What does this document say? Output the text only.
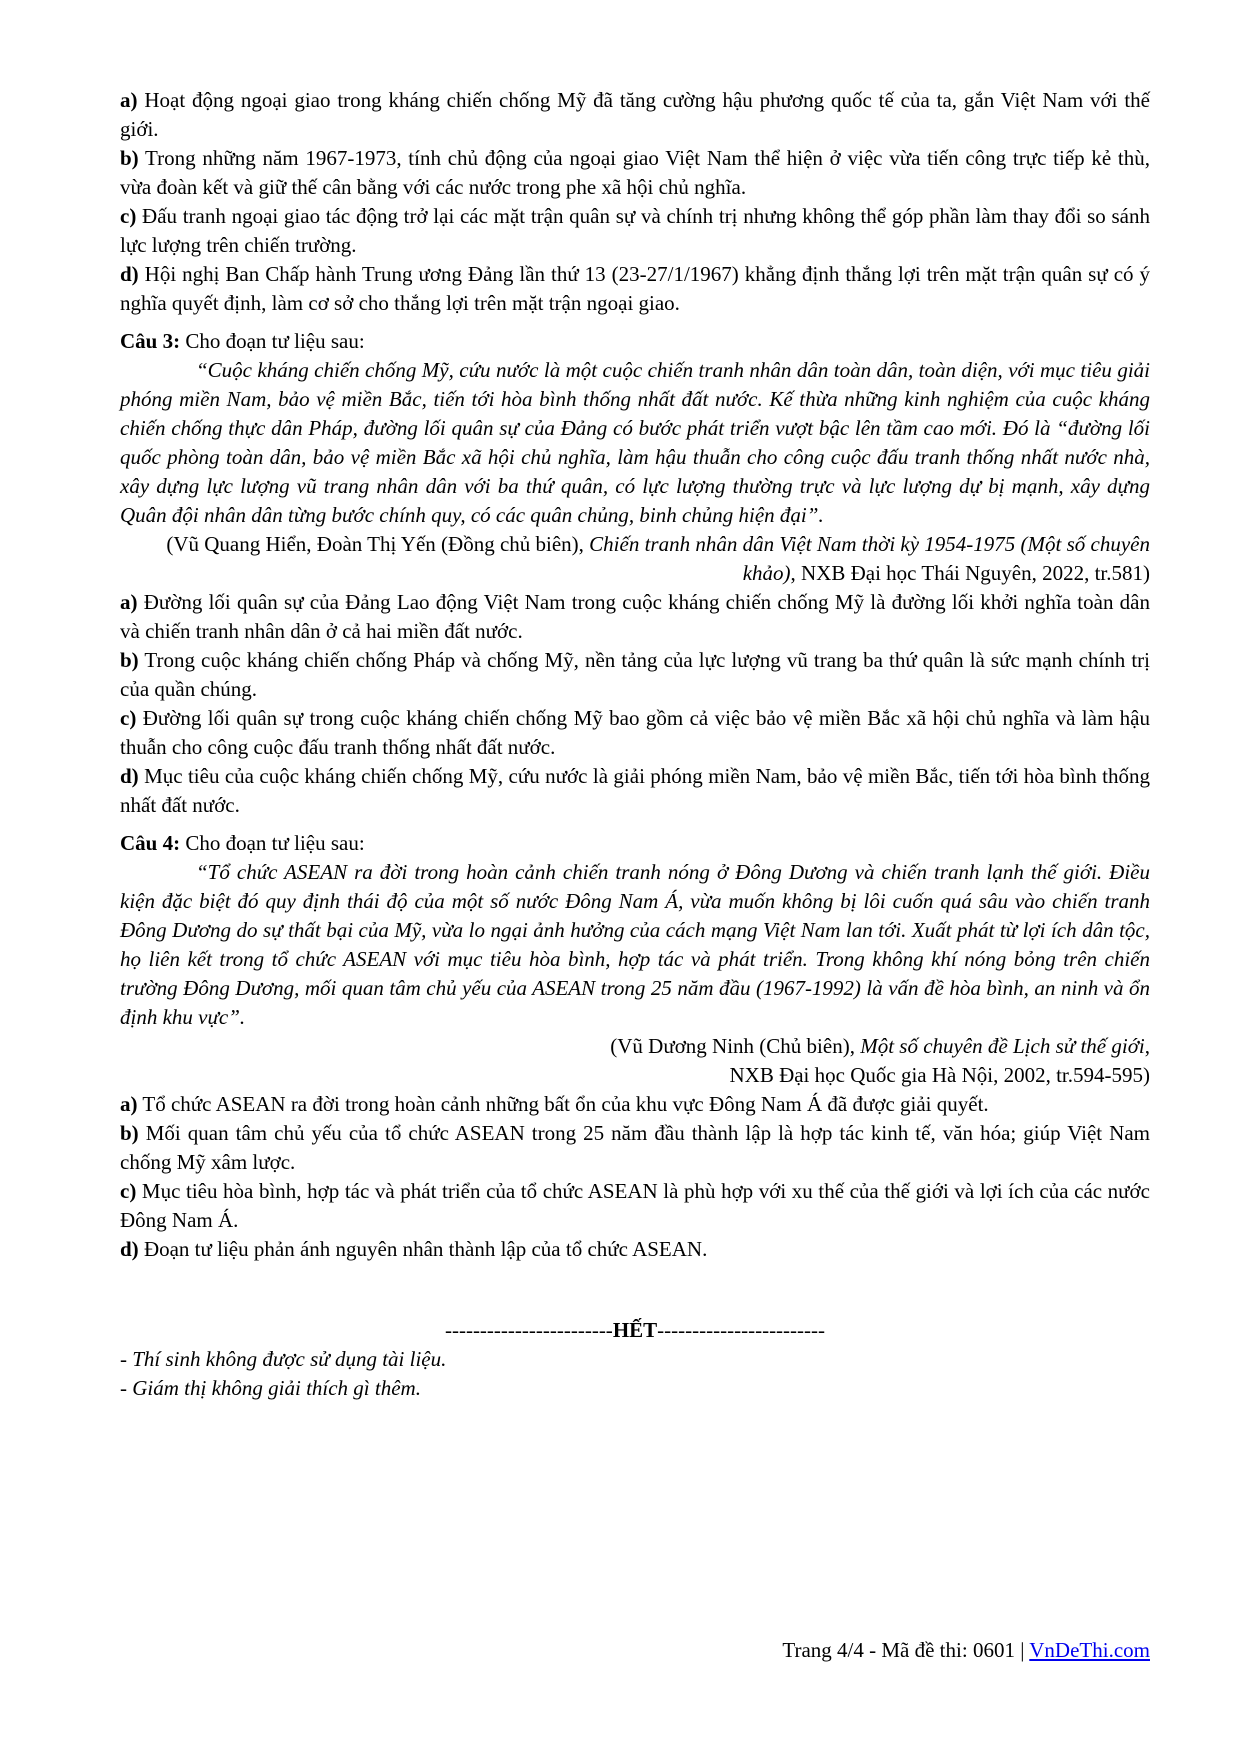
a) Hoạt động ngoại giao trong kháng chiến chống Mỹ đã tăng cường hậu phương quốc tế của ta, gắn Việt Nam với thế giới.

b) Trong những năm 1967-1973, tính chủ động của ngoại giao Việt Nam thể hiện ở việc vừa tiến công trực tiếp kẻ thù, vừa đoàn kết và giữ thế cân bằng với các nước trong phe xã hội chủ nghĩa.

c) Đấu tranh ngoại giao tác động trở lại các mặt trận quân sự và chính trị nhưng không thể góp phần làm thay đổi so sánh lực lượng trên chiến trường.

d) Hội nghị Ban Chấp hành Trung ương Đảng lần thứ 13 (23-27/1/1967) khẳng định thắng lợi trên mặt trận quân sự có ý nghĩa quyết định, làm cơ sở cho thắng lợi trên mặt trận ngoại giao.

Câu 3: Cho đoạn tư liệu sau:

“Cuộc kháng chiến chống Mỹ, cứu nước là một cuộc chiến tranh nhân dân toàn dân, toàn diện, với mục tiêu giải phóng miền Nam, bảo vệ miền Bắc, tiến tới hòa bình thống nhất đất nước. Kế thừa những kinh nghiệm của cuộc kháng chiến chống thực dân Pháp, đường lối quân sự của Đảng có bước phát triển vượt bậc lên tầm cao mới. Đó là “đường lối quốc phòng toàn dân, bảo vệ miền Bắc xã hội chủ nghĩa, làm hậu thuẫn cho công cuộc đấu tranh thống nhất nước nhà, xây dựng lực lượng vũ trang nhân dân với ba thứ quân, có lực lượng thường trực và lực lượng dự bị mạnh, xây dựng Quân đội nhân dân từng bước chính quy, có các quân chủng, binh chủng hiện đại”.

(Vũ Quang Hiển, Đoàn Thị Yến (Đồng chủ biên), Chiến tranh nhân dân Việt Nam thời kỳ 1954-1975 (Một số chuyên khảo), NXB Đại học Thái Nguyên, 2022, tr.581)

a) Đường lối quân sự của Đảng Lao động Việt Nam trong cuộc kháng chiến chống Mỹ là đường lối khởi nghĩa toàn dân và chiến tranh nhân dân ở cả hai miền đất nước.

b) Trong cuộc kháng chiến chống Pháp và chống Mỹ, nền tảng của lực lượng vũ trang ba thứ quân là sức mạnh chính trị của quần chúng.

c) Đường lối quân sự trong cuộc kháng chiến chống Mỹ bao gồm cả việc bảo vệ miền Bắc xã hội chủ nghĩa và làm hậu thuẫn cho công cuộc đấu tranh thống nhất đất nước.

d) Mục tiêu của cuộc kháng chiến chống Mỹ, cứu nước là giải phóng miền Nam, bảo vệ miền Bắc, tiến tới hòa bình thống nhất đất nước.

Câu 4: Cho đoạn tư liệu sau:

“Tổ chức ASEAN ra đời trong hoàn cảnh chiến tranh nóng ở Đông Dương và chiến tranh lạnh thế giới. Điều kiện đặc biệt đó quy định thái độ của một số nước Đông Nam Á, vừa muốn không bị lôi cuốn quá sâu vào chiến tranh Đông Dương do sự thất bại của Mỹ, vừa lo ngại ảnh hưởng của cách mạng Việt Nam lan tới. Xuất phát từ lợi ích dân tộc, họ liên kết trong tổ chức ASEAN với mục tiêu hòa bình, hợp tác và phát triển. Trong không khí nóng bỏng trên chiến trường Đông Dương, mối quan tâm chủ yếu của ASEAN trong 25 năm đầu (1967-1992) là vấn đề hòa bình, an ninh và ổn định khu vực”.

(Vũ Dương Ninh (Chủ biên), Một số chuyên đề Lịch sử thế giới,
NXB Đại học Quốc gia Hà Nội, 2002, tr.594-595)

a) Tổ chức ASEAN ra đời trong hoàn cảnh những bất ổn của khu vực Đông Nam Á đã được giải quyết.

b) Mối quan tâm chủ yếu của tổ chức ASEAN trong 25 năm đầu thành lập là hợp tác kinh tế, văn hóa; giúp Việt Nam chống Mỹ xâm lược.

c) Mục tiêu hòa bình, hợp tác và phát triển của tổ chức ASEAN là phù hợp với xu thế của thế giới và lợi ích của các nước Đông Nam Á.

d) Đoạn tư liệu phản ánh nguyên nhân thành lập của tổ chức ASEAN.

------------------------HẾT------------------------

- Thí sinh không được sử dụng tài liệu.

- Giám thị không giải thích gì thêm.

Trang 4/4 - Mã đề thi: 0601 | VnDeThi.com
